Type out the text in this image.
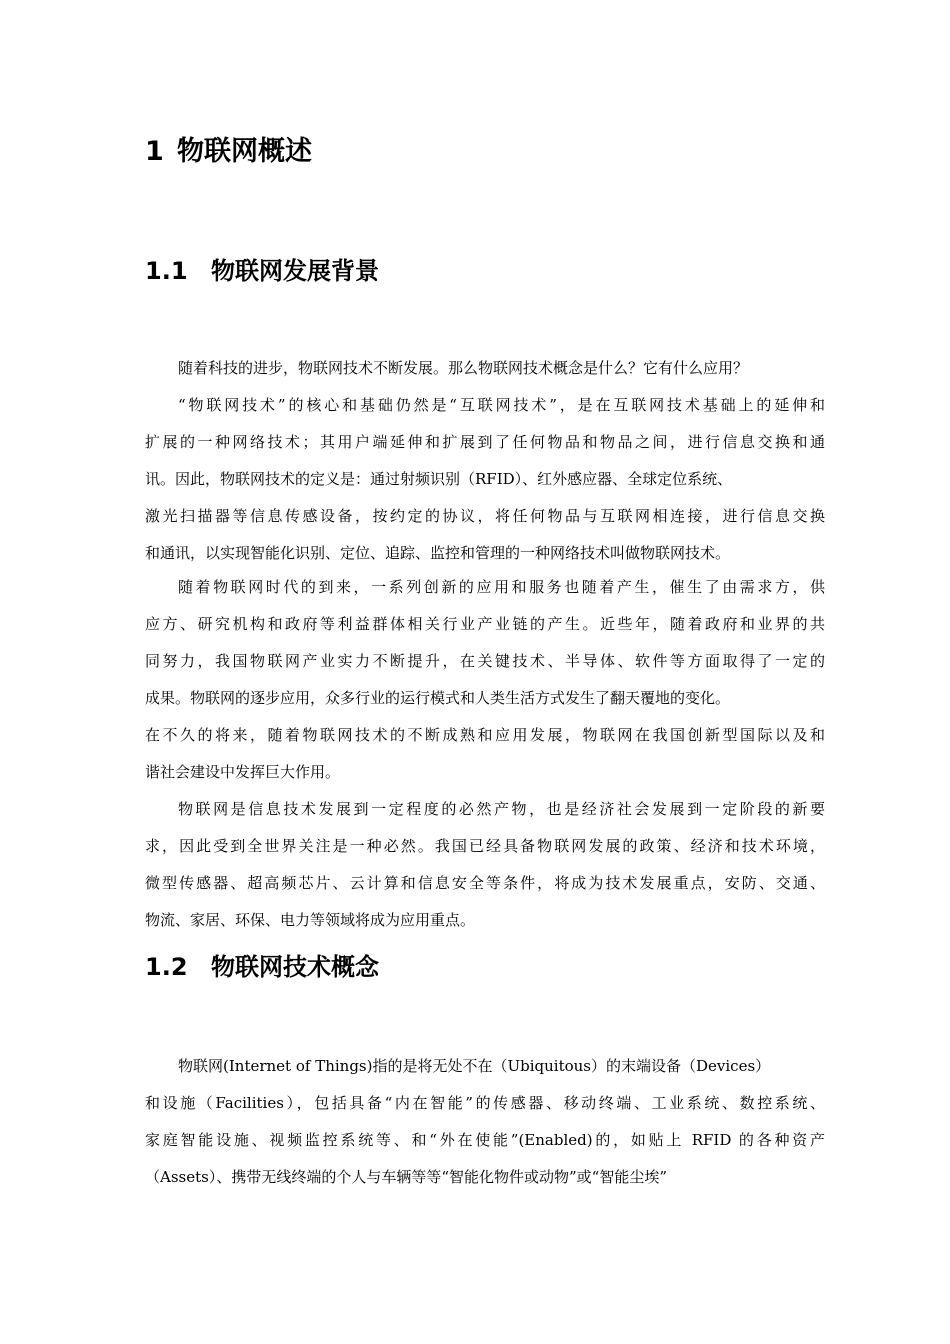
1 物联网概述
1.1 物联网发展背景

随着科技的进步，物联网技术不断发展。那么物联网技术概念是什么？它有什么应用？

“物联网技术”的核心和基础仍然是“互联网技术”，是在互联网技术基础上的延伸和

扩展的一种网络技术；其用户端延伸和扩展到了任何物品和物品之间，进行信息交换和通

讯。因此，物联网技术的定义是：通过射频识别（RFID）、红外感应器、全球定位系统、

激光扫描器等信息传感设备，按约定的协议，将任何物品与互联网相连接，进行信息交换

和通讯，以实现智能化识别、定位、追踪、监控和管理的一种网络技术叫做物联网技术。

随着物联网时代的到来，一系列创新的应用和服务也随着产生，催生了由需求方，供

应方、研究机构和政府等利益群体相关行业产业链的产生。近些年，随着政府和业界的共

同努力，我国物联网产业实力不断提升，在关键技术、半导体、软件等方面取得了一定的

成果。物联网的逐步应用，众多行业的运行模式和人类生活方式发生了翻天覆地的变化。

在不久的将来，随着物联网技术的不断成熟和应用发展，物联网在我国创新型国际以及和

谐社会建设中发挥巨大作用。

物联网是信息技术发展到一定程度的必然产物，也是经济社会发展到一定阶段的新要

求，因此受到全世界关注是一种必然。我国已经具备物联网发展的政策、经济和技术环境，

微型传感器、超高频芯片、云计算和信息安全等条件，将成为技术发展重点，安防、交通、

物流、家居、环保、电力等领域将成为应用重点。

1.2 物联网技术概念

物联网(Internet of Things)指的是将无处不在（Ubiquitous）的末端设备（Devices）

和设施（Facilities），包括具备“内在智能”的传感器、移动终端、工业系统、数控系统、

家庭智能设施、视频监控系统等、和“外在使能”(Enabled)的，如贴上 RFID 的各种资产

（Assets）、携带无线终端的个人与车辆等等“智能化物件或动物”或“智能尘埃”
